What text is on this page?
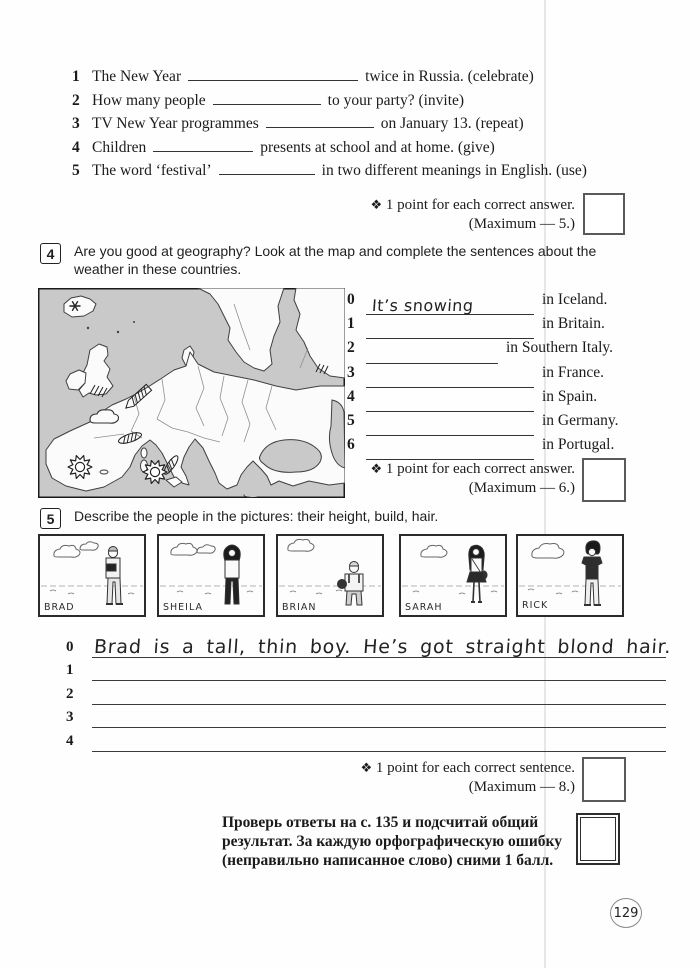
1 The New Year	twice in Russia. (celebrate)
2 How many people	to your party? (invite)
3 TV New Year programmes	on January 13. (repeat)
4 Children	presents at school and at home. (give)
5 The word ‘festival’	in two different meanings in English. (use)
❖ 1 point for each correct answer.
(Maximum — 5.)
4	Are you good at geography? Look at the map and complete the sentences about the weather in these countries.
0	It’s snowing	in Iceland.
1	in Britain.
2	in Southern Italy.
3	in France.
4	in Spain.
5	in Germany.
6	in Portugal.
❖ 1 point for each correct answer.
(Maximum — 6.)
5	Describe the people in the pictures: their height, build, hair.
BRAD	SHEILA	BRIAN	SARAH	RICK
0	Brad is a tall, thin boy. He’s got straight blond hair.
1
2
3
4
❖ 1 point for each correct sentence.
(Maximum — 8.)
Проверь ответы на с. 135 и подсчитай общий результат. За каждую орфографическую ошибку (неправильно написанное слово) сними 1 балл.
129
